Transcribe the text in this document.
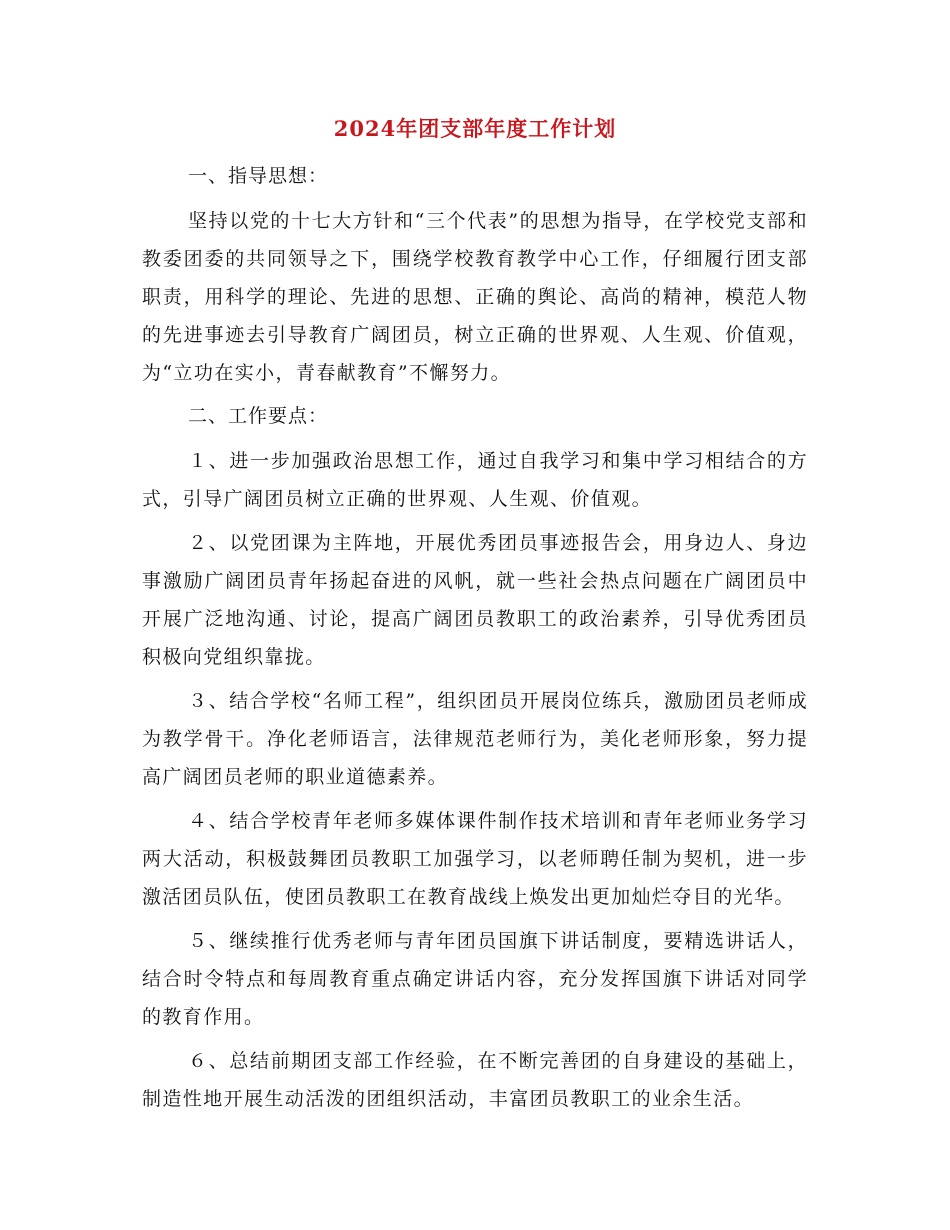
2024年团支部年度工作计划

一、指导思想：

坚持以党的十七大方针和“三个代表”的思想为指导，在学校党支部和教委团委的共同领导之下，围绕学校教育教学中心工作，仔细履行团支部职责，用科学的理论、先进的思想、正确的舆论、高尚的精神，模范人物的先进事迹去引导教育广阔团员，树立正确的世界观、人生观、价值观，为“立功在实小，青春献教育”不懈努力。

二、工作要点：

１、进一步加强政治思想工作，通过自我学习和集中学习相结合的方式，引导广阔团员树立正确的世界观、人生观、价值观。

２、以党团课为主阵地，开展优秀团员事迹报告会，用身边人、身边事激励广阔团员青年扬起奋进的风帆，就一些社会热点问题在广阔团员中开展广泛地沟通、讨论，提高广阔团员教职工的政治素养，引导优秀团员积极向党组织靠拢。

３、结合学校“名师工程”，组织团员开展岗位练兵，激励团员老师成为教学骨干。净化老师语言，法律规范老师行为，美化老师形象，努力提高广阔团员老师的职业道德素养。

４、结合学校青年老师多媒体课件制作技术培训和青年老师业务学习两大活动，积极鼓舞团员教职工加强学习，以老师聘任制为契机，进一步激活团员队伍，使团员教职工在教育战线上焕发出更加灿烂夺目的光华。

５、继续推行优秀老师与青年团员国旗下讲话制度，要精选讲话人，结合时令特点和每周教育重点确定讲话内容，充分发挥国旗下讲话对同学的教育作用。

６、总结前期团支部工作经验，在不断完善团的自身建设的基础上，制造性地开展生动活泼的团组织活动，丰富团员教职工的业余生活。
